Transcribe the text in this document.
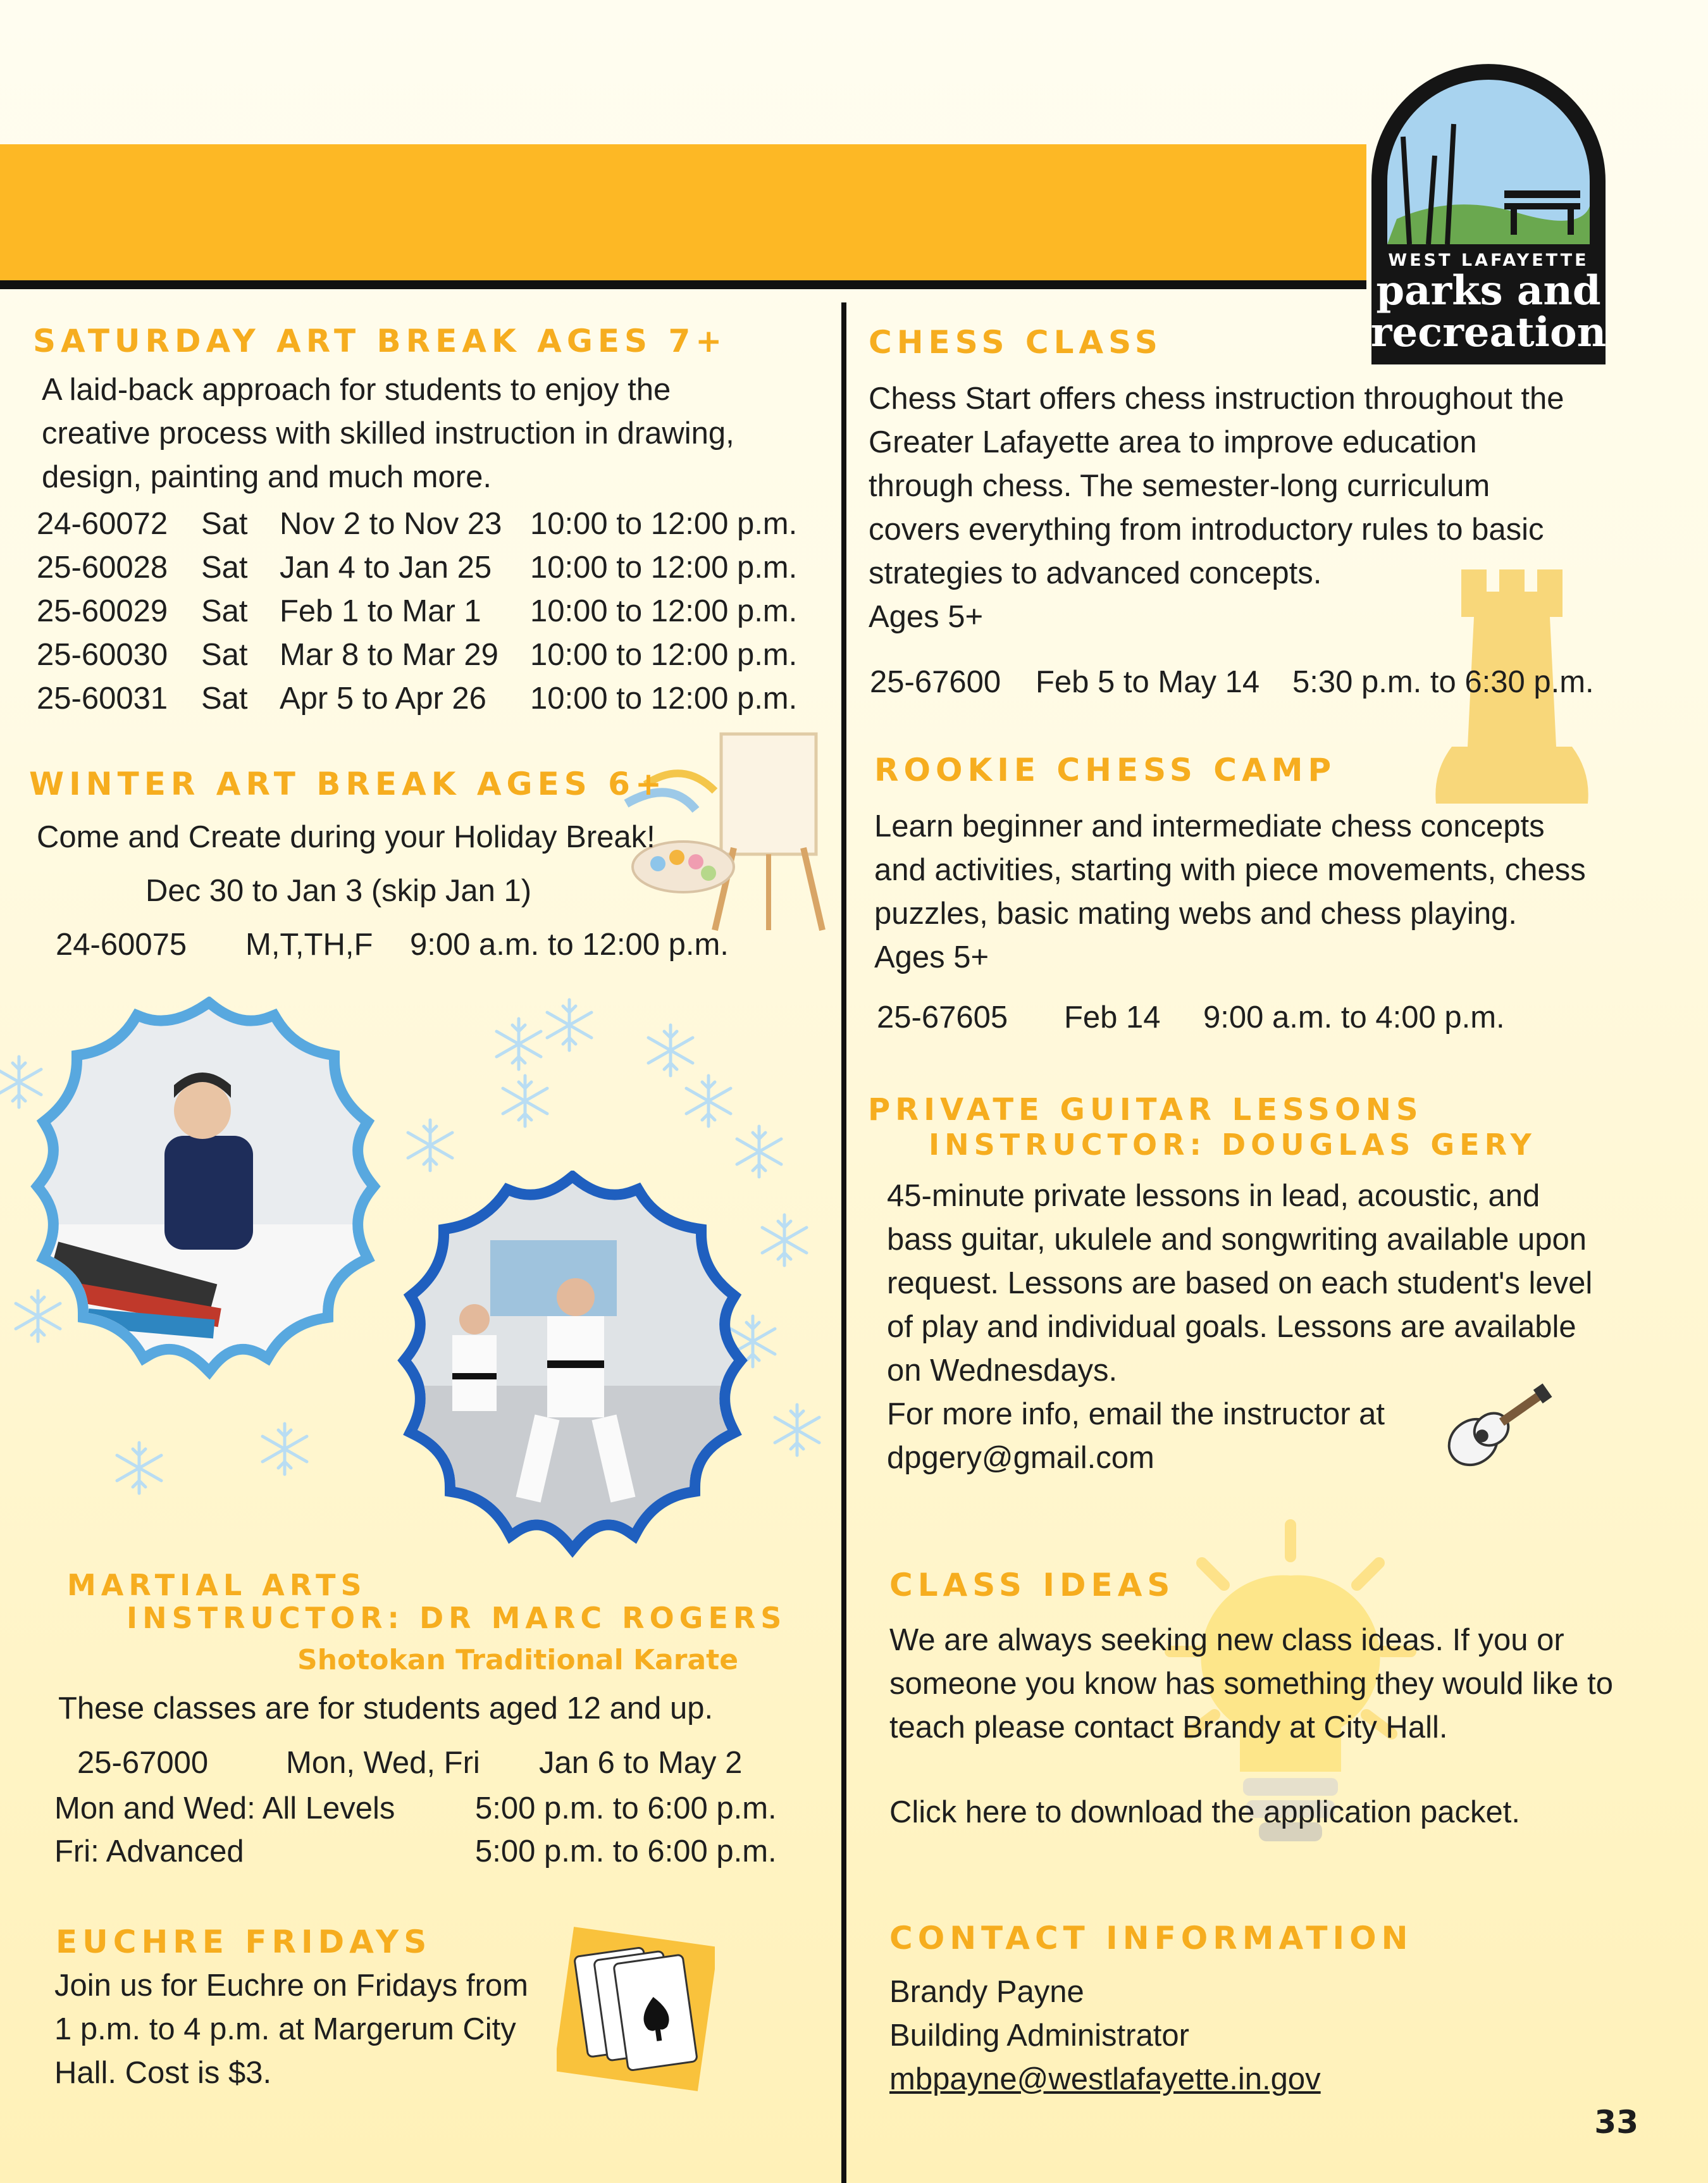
WEST LAFAYETTE
parks and
recreation
SATURDAY ART BREAK AGES 7+
A laid-back approach for students to enjoy the
creative process with skilled instruction in drawing,
design, painting and much more.
24-60072 Sat Nov 2 to Nov 23 10:00 to 12:00 p.m.
25-60028 Sat Jan 4 to Jan 25 10:00 to 12:00 p.m.
25-60029 Sat Feb 1 to Mar 1 10:00 to 12:00 p.m.
25-60030 Sat Mar 8 to Mar 29 10:00 to 12:00 p.m.
25-60031 Sat Apr 5 to Apr 26 10:00 to 12:00 p.m.
WINTER ART BREAK AGES 6+
Come and Create during your Holiday Break!
Dec 30 to Jan 3 (skip Jan 1)
24-60075 M,T,TH,F 9:00 a.m. to 12:00 p.m.
MARTIAL ARTS
INSTRUCTOR: DR MARC ROGERS
Shotokan Traditional Karate
These classes are for students aged 12 and up.
25-67000	Mon, Wed, Fri Jan 6 to May 2
Mon and Wed: All Levels	5:00 p.m. to 6:00 p.m.
Fri: Advanced	5:00 p.m. to 6:00 p.m.
EUCHRE FRIDAYS
Join us for Euchre on Fridays from
1 p.m. to 4 p.m. at Margerum City
Hall. Cost is $3.
CHESS CLASS
Chess Start offers chess instruction throughout the
Greater Lafayette area to improve education
through chess. The semester-long curriculum
covers everything from introductory rules to basic
strategies to advanced concepts.
Ages 5+
25-67600 Feb 5 to May 14 5:30 p.m. to 6:30 p.m.
ROOKIE CHESS CAMP
Learn beginner and intermediate chess concepts
and activities, starting with piece movements, chess
puzzles, basic mating webs and chess playing.
Ages 5+
25-67605 Feb 14 9:00 a.m. to 4:00 p.m.
PRIVATE GUITAR LESSONS
INSTRUCTOR: DOUGLAS GERY
45-minute private lessons in lead, acoustic, and
bass guitar, ukulele and songwriting available upon
request. Lessons are based on each student's level
of play and individual goals. Lessons are available
on Wednesdays.
For more info, email the instructor at
dpgery@gmail.com
CLASS IDEAS
We are always seeking new class ideas. If you or
someone you know has something they would like to
teach please contact Brandy at City Hall.
Click here to download the application packet.
CONTACT INFORMATION
Brandy Payne
Building Administrator
mbpayne@westlafayette.in.gov
33
